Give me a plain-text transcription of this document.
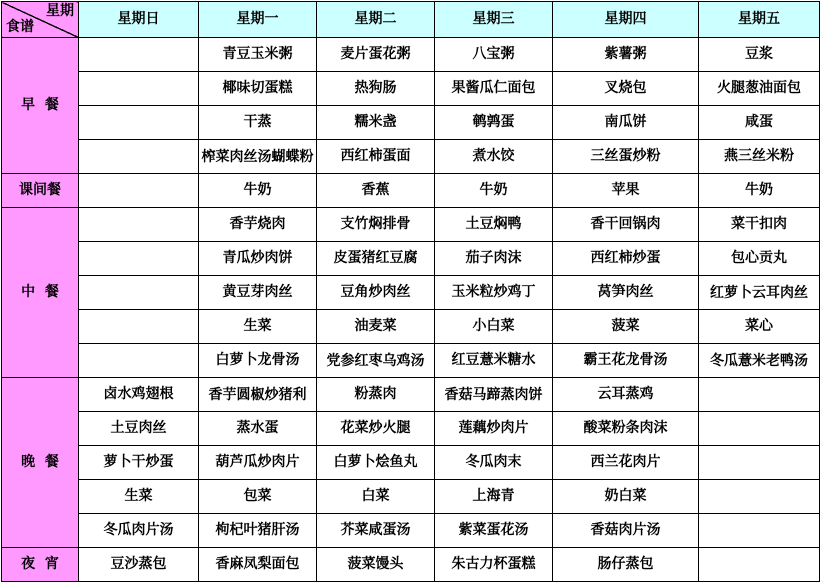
星期
食谱	星期日	星期一	星期二	星期三	星期四	星期五
早  餐		青豆玉米粥	麦片蛋花粥	八宝粥	紫薯粥	豆浆
		椰味切蛋糕	热狗肠	果酱瓜仁面包	叉烧包	火腿葱油面包
		干蒸	糯米盏	鹌鹑蛋	南瓜饼	咸蛋
		榨菜肉丝汤蝴蝶粉	西红柿蛋面	煮水饺	三丝蛋炒粉	燕三丝米粉
课间餐		牛奶	香蕉	牛奶	苹果	牛奶
中  餐		香芋烧肉	支竹焖排骨	土豆焖鸭	香干回锅肉	菜干扣肉
		青瓜炒肉饼	皮蛋猪红豆腐	茄子肉沫	西红柿炒蛋	包心贡丸
		黄豆芽肉丝	豆角炒肉丝	玉米粒炒鸡丁	莴笋肉丝	红萝卜云耳肉丝
		生菜	油麦菜	小白菜	菠菜	菜心
		白萝卜龙骨汤	党参红枣乌鸡汤	红豆薏米糖水	霸王花龙骨汤	冬瓜薏米老鸭汤
晚  餐	卤水鸡翅根	香芋圆椒炒猪利	粉蒸肉	香菇马蹄蒸肉饼	云耳蒸鸡	
	土豆肉丝	蒸水蛋	花菜炒火腿	莲藕炒肉片	酸菜粉条肉沫	
	萝卜干炒蛋	葫芦瓜炒肉片	白萝卜烩鱼丸	冬瓜肉末	西兰花肉片	
	生菜	包菜	白菜	上海青	奶白菜	
	冬瓜肉片汤	枸杞叶猪肝汤	芥菜咸蛋汤	紫菜蛋花汤	香菇肉片汤	
夜  宵	豆沙蒸包	香麻凤梨面包	菠菜馒头	朱古力杯蛋糕	肠仔蒸包	
